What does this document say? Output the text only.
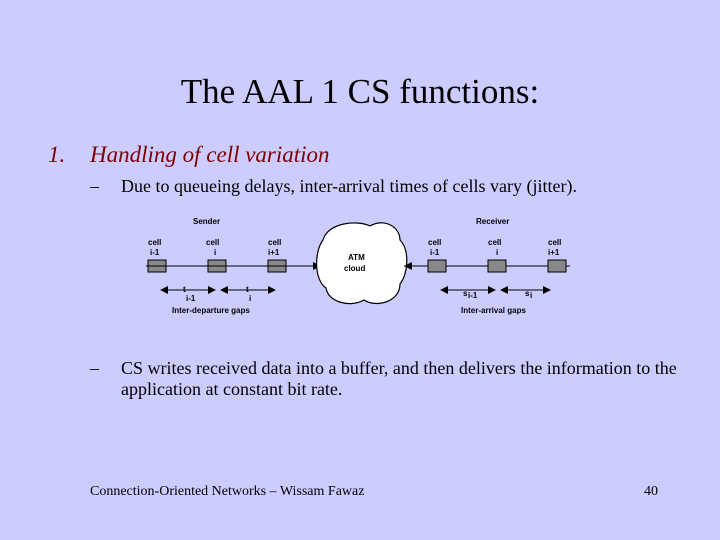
The AAL 1 CS functions:
1. Handling of cell variation
– Due to queueing delays, inter-arrival times of cells vary (jitter).
Sender	Receiver
cell
i-1
cell
i
cell
i+1
ATM
cloud
cell
i-1
cell
i
cell
i+1
t
i-1
t
i
s i-1	s i
Inter-departure gaps	Inter-arrival gaps
– CS writes received data into a buffer, and then delivers the information to the application at constant bit rate.
Connection-Oriented Networks – Wissam Fawaz	40
